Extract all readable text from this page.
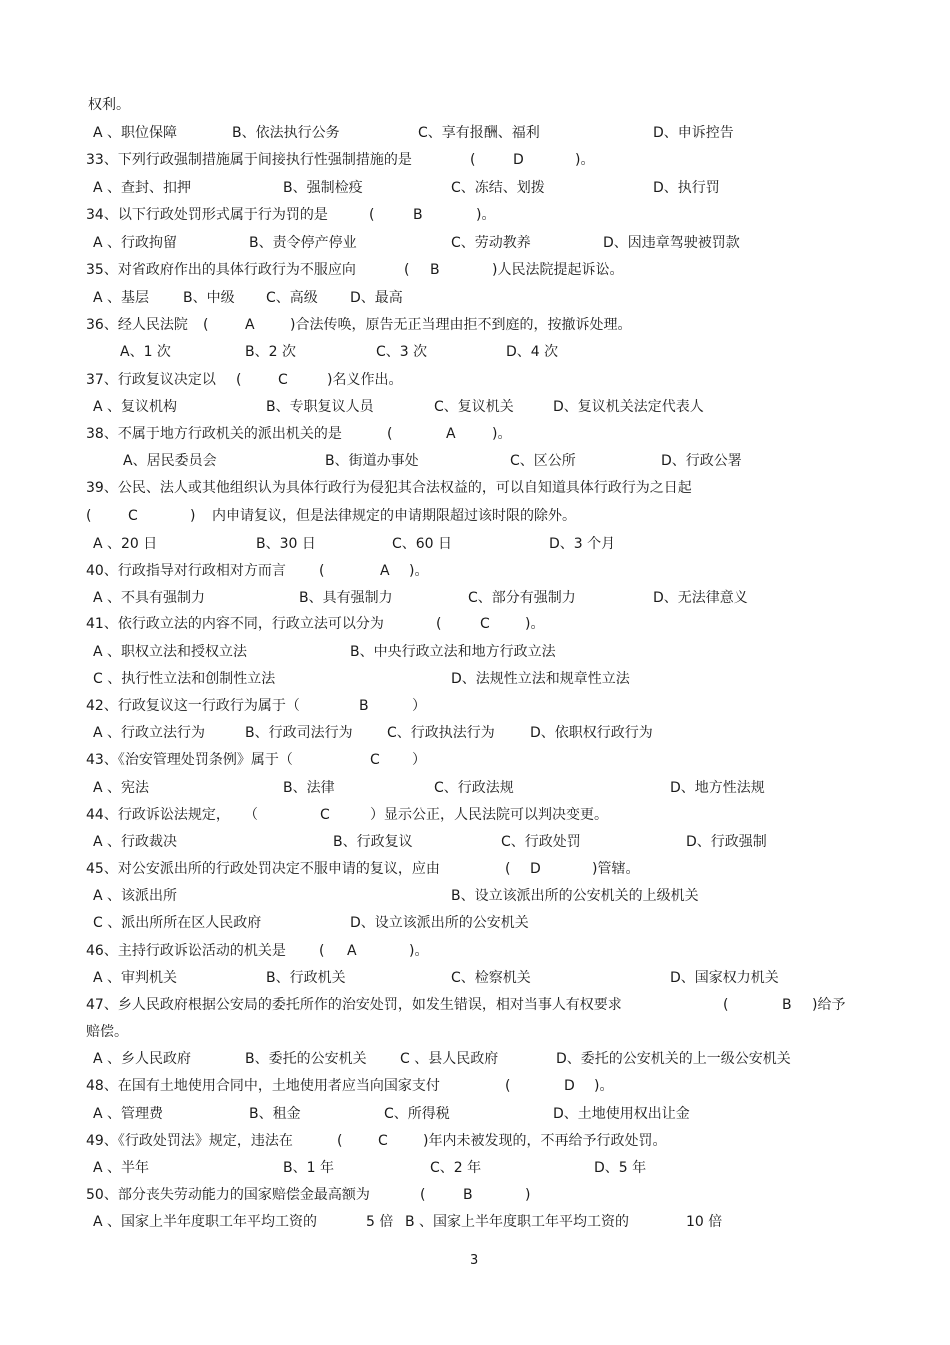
权利。
A 、职位保障	B、依法执行公务	C、享有报酬、福利	D、申诉控告
33、下列行政强制措施属于间接执行性强制措施的是	(	D	)。
A 、查封、扣押	B、强制检疫	C、冻结、划拨	D、执行罚
34、以下行政处罚形式属于行为罚的是	(	B	)。
A 、行政拘留	B、责令停产停业	C、劳动教养	D、因违章驾驶被罚款
35、对省政府作出的具体行政行为不服应向	( B	)人民法院提起诉讼。
A 、基层 B、中级 C、高级 D、最高
36、经人民法院 (	A	)合法传唤，原告无正当理由拒不到庭的，按撤诉处理。
A、1 次	B、2 次	C、3 次	D、4 次
37、行政复议决定以 (	C	)名义作出。
A 、复议机构	B、专职复议人员	C、复议机关	D、复议机关法定代表人
38、不属于地方行政机关的派出机关的是	(	A	)。
A、居民委员会	B、街道办事处	C、区公所	D、行政公署
39、公民、法人或其他组织认为具体行政行为侵犯其合法权益的，可以自知道具体行政行为之日起
(	C	) 内申请复议，但是法律规定的申请期限超过该时限的除外。
A 、20 日	B、30 日	C、60 日	D、3 个月
40、行政指导对行政相对方而言 (	A )。
A 、不具有强制力	B、具有强制力	C、部分有强制力	D、无法律意义
41、依行政立法的内容不同，行政立法可以分为	(	C	)。
A 、职权立法和授权立法	B、中央行政立法和地方行政立法
C 、执行性立法和创制性立法	D、法规性立法和规章性立法
42、行政复议这一行政行为属于（	B	）
A 、行政立法行为	B、行政司法行为 C、行政执法行为	D、依职权行政行为
43、《治安管理处罚条例》属于（	C ）
A 、宪法	B、法律	C、行政法规	D、地方性法规
44、行政诉讼法规定， （	C	）显示公正，人民法院可以判决变更。
A 、行政裁决	B、行政复议	C、行政处罚	D、行政强制
45、对公安派出所的行政处罚决定不服申请的复议，应由	( D	)管辖。
A 、该派出所	B、设立该派出所的公安机关的上级机关
C 、派出所所在区人民政府	D、设立该派出所的公安机关
46、主持行政诉讼活动的机关是 ( A	)。
A 、审判机关	B、行政机关	C、检察机关	D、国家权力机关
47、乡人民政府根据公安局的委托所作的治安处罚，如发生错误，相对当事人有权要求	(	B )给予
赔偿。
A 、乡人民政府	B、委托的公安机关 C 、县人民政府	D、委托的公安机关的上一级公安机关
48、在国有土地使用合同中，土地使用者应当向国家支付	(	D )。
A 、管理费	B、租金	C、所得税	D、土地使用权出让金
49、《行政处罚法》规定，违法在	(	C	)年内未被发现的，不再给予行政处罚。
A 、半年	B、1 年	C、2 年	D、5 年
50、部分丧失劳动能力的国家赔偿金最高额为	(	B	)
A 、国家上半年度职工年平均工资的	5 倍 B 、国家上半年度职工年平均工资的	10 倍
3
